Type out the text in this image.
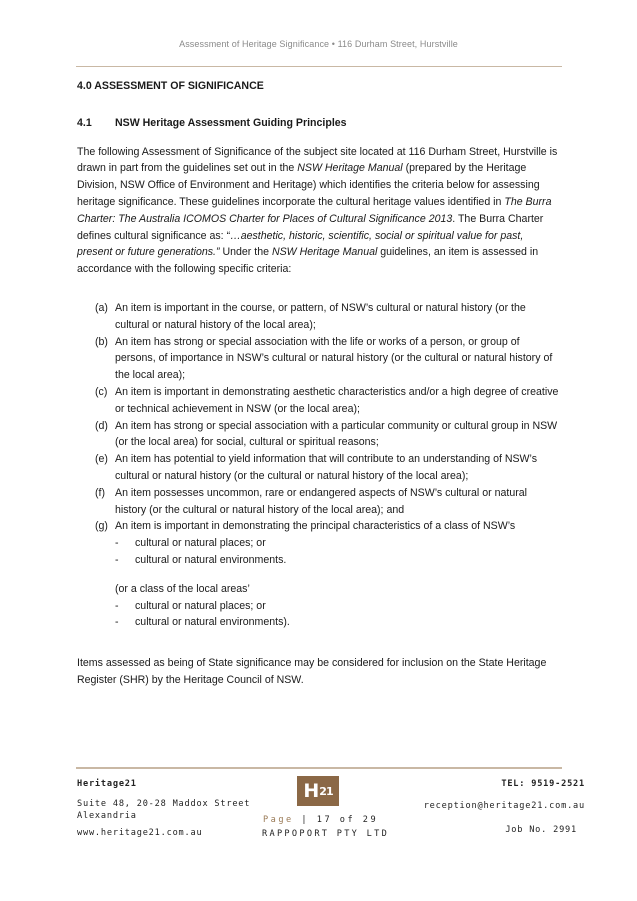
Assessment of Heritage Significance • 116 Durham Street, Hurstville
4.0 ASSESSMENT OF SIGNIFICANCE
4.1	NSW Heritage Assessment Guiding Principles

The following Assessment of Significance of the subject site located at 116 Durham Street, Hurstville is drawn in part from the guidelines set out in the NSW Heritage Manual (prepared by the Heritage Division, NSW Office of Environment and Heritage) which identifies the criteria below for assessing heritage significance. These guidelines incorporate the cultural heritage values identified in The Burra Charter: The Australia ICOMOS Charter for Places of Cultural Significance 2013. The Burra Charter defines cultural significance as: “…aesthetic, historic, scientific, social or spiritual value for past, present or future generations.” Under the NSW Heritage Manual guidelines, an item is assessed in accordance with the following specific criteria:

(a) An item is important in the course, or pattern, of NSW’s cultural or natural history (or the cultural or natural history of the local area);
(b) An item has strong or special association with the life or works of a person, or group of persons, of importance in NSW’s cultural or natural history (or the cultural or natural history of the local area);
(c) An item is important in demonstrating aesthetic characteristics and/or a high degree of creative or technical achievement in NSW (or the local area);
(d) An item has strong or special association with a particular community or cultural group in NSW (or the local area) for social, cultural or spiritual reasons;
(e) An item has potential to yield information that will contribute to an understanding of NSW’s cultural or natural history (or the cultural or natural history of the local area);
(f) An item possesses uncommon, rare or endangered aspects of NSW’s cultural or natural history (or the cultural or natural history of the local area); and
(g) An item is important in demonstrating the principal characteristics of a class of NSW’s
-	cultural or natural places; or
-	cultural or natural environments.
(or a class of the local areas’
-	cultural or natural places; or
-	cultural or natural environments).

Items assessed as being of State significance may be considered for inclusion on the State Heritage Register (SHR) by the Heritage Council of NSW.

Heritage21
Suite 48, 20-28 Maddox Street
Alexandria
www.heritage21.com.au
H 21
Page | 17 of 29
RAPPOPORT PTY LTD
TEL: 9519-2521
reception@heritage21.com.au
Job No. 2991
